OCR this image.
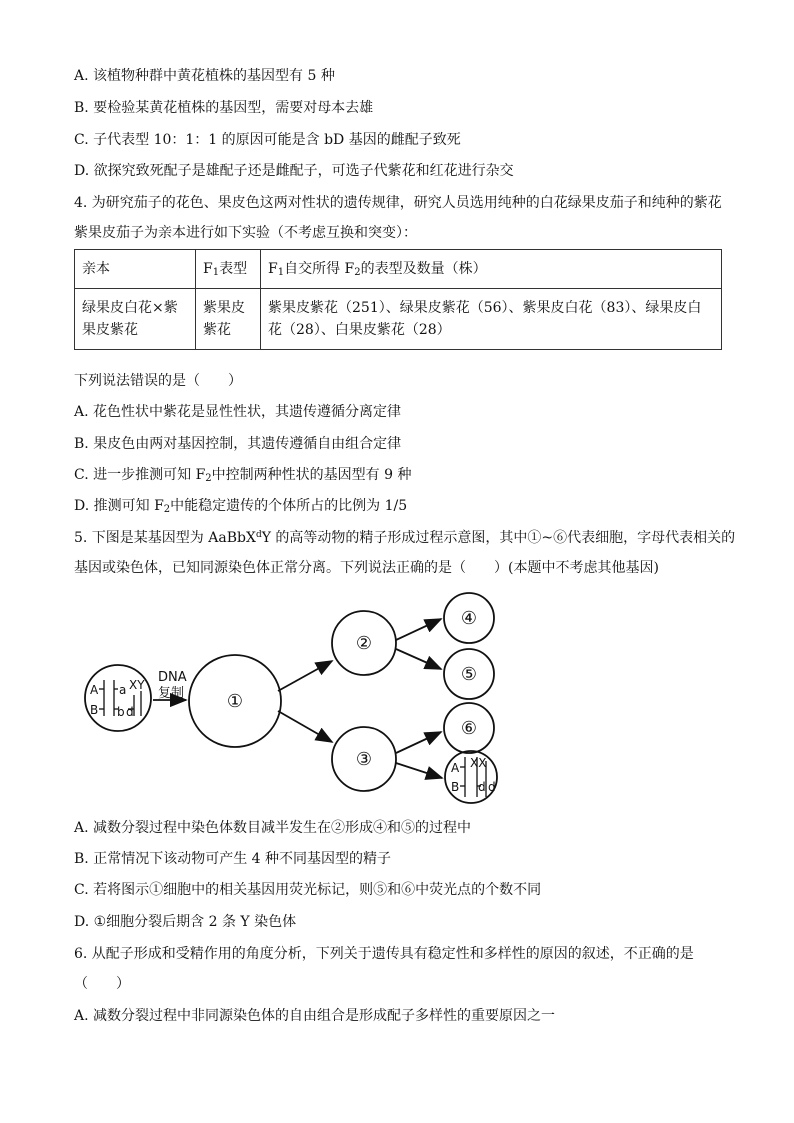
A. 该植物种群中黄花植株的基因型有 5 种
B. 要检验某黄花植株的基因型，需要对母本去雄
C. 子代表型 10：1：1 的原因可能是含 bD 基因的雌配子致死
D. 欲探究致死配子是雄配子还是雌配子，可选子代紫花和红花进行杂交
4. 为研究茄子的花色、果皮色这两对性状的遗传规律，研究人员选用纯种的白花绿果皮茄子和纯种的紫花
紫果皮茄子为亲本进行如下实验（不考虑互换和突变）：
亲本	$F_1$表型	$F_1$自交所得 $F_2$的表型及数量（株）
绿果皮白花×紫果皮紫花	紫果皮紫花	紫果皮紫花（251）、绿果皮紫花（56）、紫果皮白花（83）、绿果皮白花（28）、白果皮紫花（28）
下列说法错误的是（　　）
A. 花色性状中紫花是显性性状，其遗传遵循分离定律
B. 果皮色由两对基因控制，其遗传遵循自由组合定律
C. 进一步推测可知 $F_2$中控制两种性状的基因型有 9 种
D. 推测可知 $F_2$中能稳定遗传的个体所占的比例为 1/5
5. 下图是某基因型为 AaBbX$^d$Y 的高等动物的精子形成过程示意图，其中①~⑥代表细胞，字母代表相关的
基因或染色体，已知同源染色体正常分离。下列说法正确的是（　　）(本题中不考虑其他基因)
DNA
复制
A a
B b d
XY
A
B
XX
d d
①
②
③
④
⑤
⑥
A. 减数分裂过程中染色体数目减半发生在②形成④和⑤的过程中
B. 正常情况下该动物可产生 4 种不同基因型的精子
C. 若将图示①细胞中的相关基因用荧光标记，则⑤和⑥中荧光点的个数不同
D. ①细胞分裂后期含 2 条 Y 染色体
6. 从配子形成和受精作用的角度分析，下列关于遗传具有稳定性和多样性的原因的叙述，不正确的是
（　　）
A. 减数分裂过程中非同源染色体的自由组合是形成配子多样性的重要原因之一
